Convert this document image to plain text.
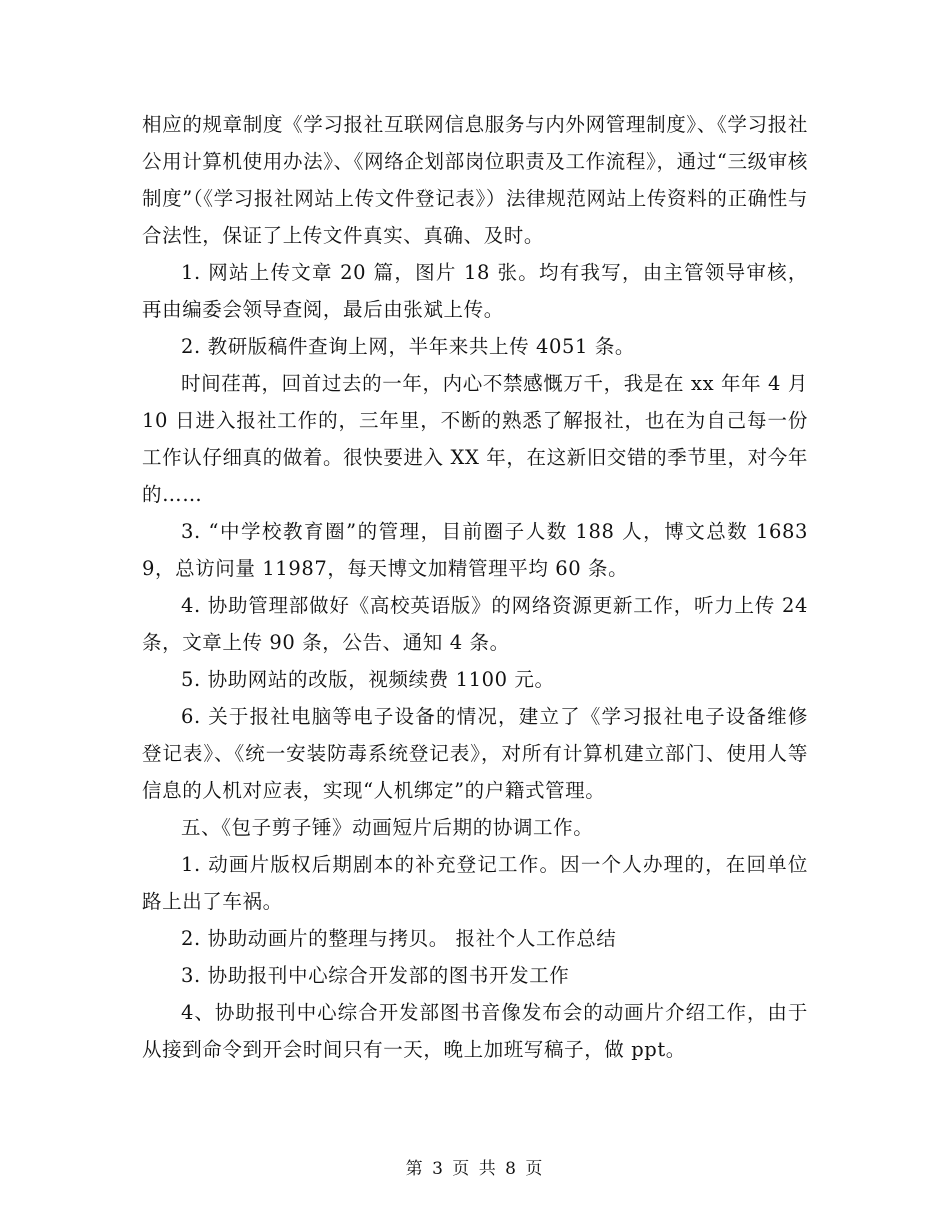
相应的规章制度《学习报社互联网信息服务与内外网管理制度》、《学习报社公用计算机使用办法》、《网络企划部岗位职责及工作流程》，通过“三级审核制度”（《学习报社网站上传文件登记表》）法律规范网站上传资料的正确性与合法性，保证了上传文件真实、真确、及时。

1. 网站上传文章 20 篇，图片 18 张。均有我写，由主管领导审核，再由编委会领导查阅，最后由张斌上传。

2. 教研版稿件查询上网，半年来共上传 4051 条。

时间荏苒，回首过去的一年，内心不禁感慨万千，我是在 xx 年年 4 月 10 日进入报社工作的，三年里，不断的熟悉了解报社，也在为自己每一份工作认仔细真的做着。很快要进入 XX 年，在这新旧交错的季节里，对今年的……

3. “中学校教育圈”的管理，目前圈子人数 188 人，博文总数 16839，总访问量 11987，每天博文加精管理平均 60 条。

4. 协助管理部做好《高校英语版》的网络资源更新工作，听力上传 24 条，文章上传 90 条，公告、通知 4 条。

5. 协助网站的改版，视频续费 1100 元。

6. 关于报社电脑等电子设备的情况，建立了《学习报社电子设备维修登记表》、《统一安装防毒系统登记表》，对所有计算机建立部门、使用人等信息的人机对应表，实现“人机绑定”的户籍式管理。

五、《包子剪子锤》动画短片后期的协调工作。

1. 动画片版权后期剧本的补充登记工作。因一个人办理的，在回单位路上出了车祸。

2. 协助动画片的整理与拷贝。 报社个人工作总结

3. 协助报刊中心综合开发部的图书开发工作

4、协助报刊中心综合开发部图书音像发布会的动画片介绍工作，由于从接到命令到开会时间只有一天，晚上加班写稿子，做 ppt。

第 3 页 共 8 页
